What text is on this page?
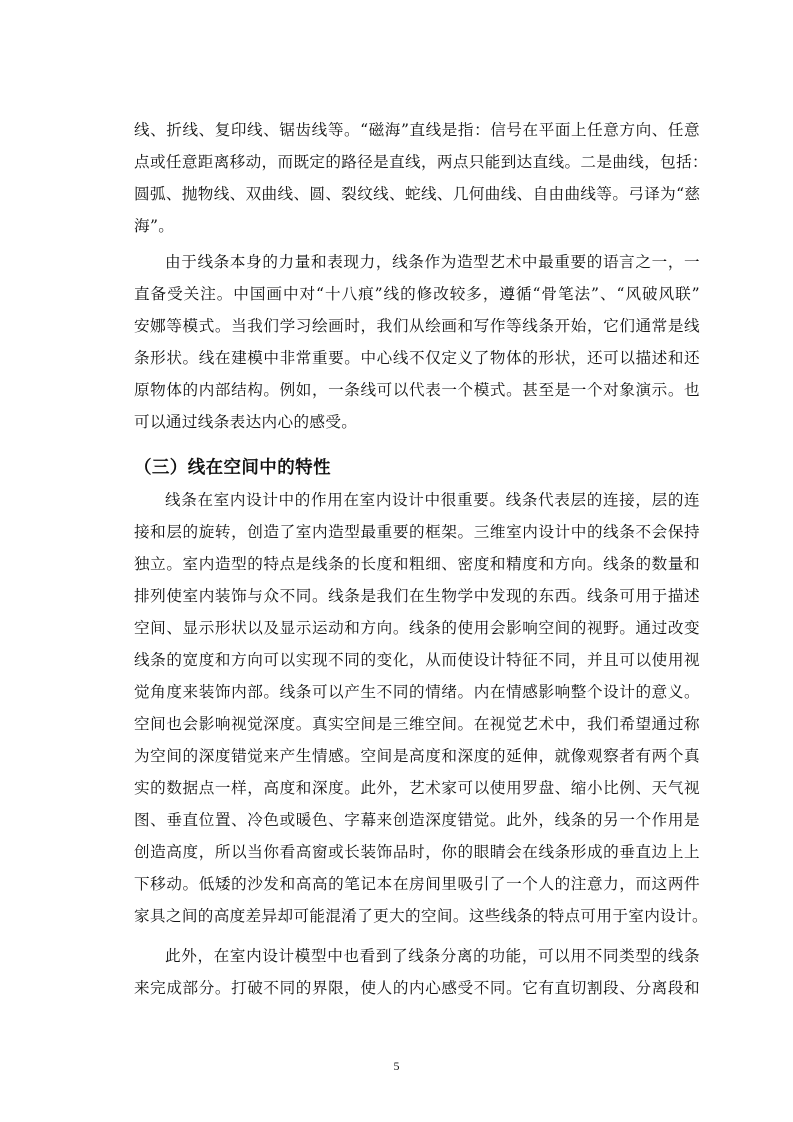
线、折线、复印线、锯齿线等。“磁海”直线是指：信号在平面上任意方向、任意
点或任意距离移动，而既定的路径是直线，两点只能到达直线。二是曲线，包括：
圆弧、抛物线、双曲线、圆、裂纹线、蛇线、几何曲线、自由曲线等。弓译为“慈
海”。
由于线条本身的力量和表现力，线条作为造型艺术中最重要的语言之一，一
直备受关注。中国画中对“十八痕”线的修改较多，遵循“骨笔法”、“风破风联”
安娜等模式。当我们学习绘画时，我们从绘画和写作等线条开始，它们通常是线
条形状。线在建模中非常重要。中心线不仅定义了物体的形状，还可以描述和还
原物体的内部结构。例如，一条线可以代表一个模式。甚至是一个对象演示。也
可以通过线条表达内心的感受。
（三）线在空间中的特性
线条在室内设计中的作用在室内设计中很重要。线条代表层的连接，层的连
接和层的旋转，创造了室内造型最重要的框架。三维室内设计中的线条不会保持
独立。室内造型的特点是线条的长度和粗细、密度和精度和方向。线条的数量和
排列使室内装饰与众不同。线条是我们在生物学中发现的东西。线条可用于描述
空间、显示形状以及显示运动和方向。线条的使用会影响空间的视野。通过改变
线条的宽度和方向可以实现不同的变化，从而使设计特征不同，并且可以使用视
觉角度来装饰内部。线条可以产生不同的情绪。内在情感影响整个设计的意义。
空间也会影响视觉深度。真实空间是三维空间。在视觉艺术中，我们希望通过称
为空间的深度错觉来产生情感。空间是高度和深度的延伸，就像观察者有两个真
实的数据点一样，高度和深度。此外，艺术家可以使用罗盘、缩小比例、天气视
图、垂直位置、冷色或暖色、字幕来创造深度错觉。此外，线条的另一个作用是
创造高度，所以当你看高窗或长装饰品时，你的眼睛会在线条形成的垂直边上上
下移动。低矮的沙发和高高的笔记本在房间里吸引了一个人的注意力，而这两件
家具之间的高度差异却可能混淆了更大的空间。这些线条的特点可用于室内设计。
此外，在室内设计模型中也看到了线条分离的功能，可以用不同类型的线条
来完成部分。打破不同的界限，使人的内心感受不同。它有直切割段、分离段和
5
